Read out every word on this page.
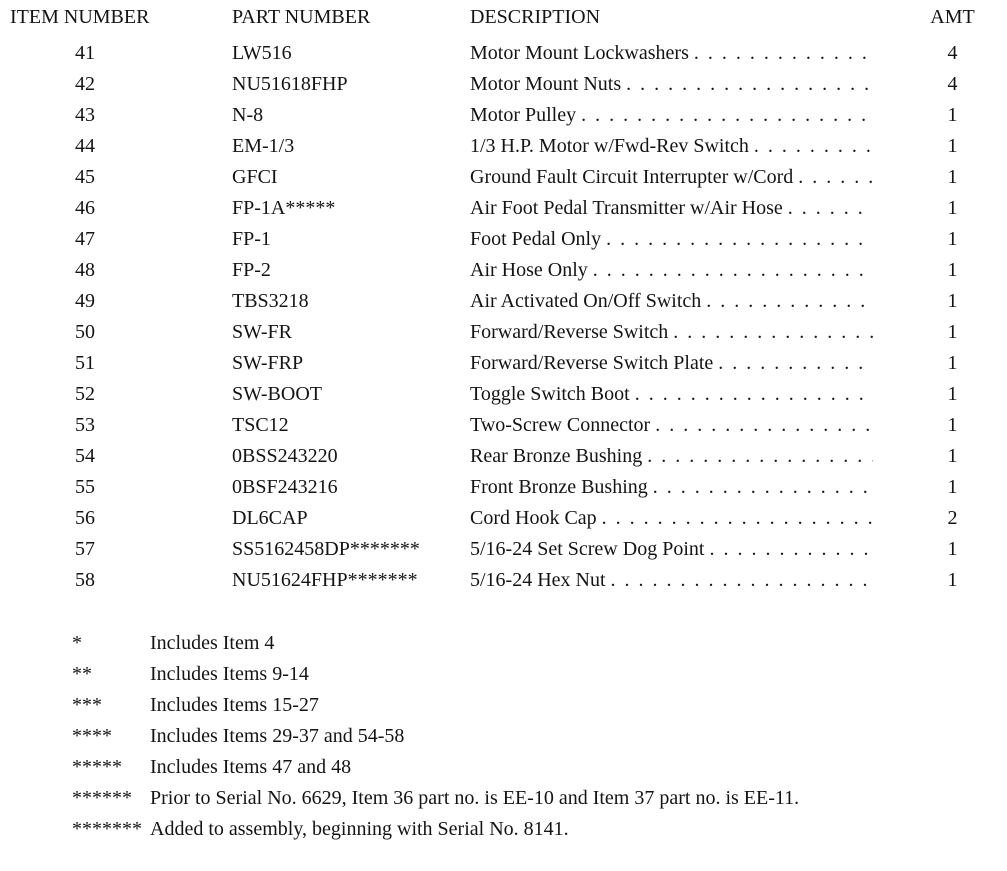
ITEM NUMBER	PART NUMBER	DESCRIPTION	AMT
41	LW516	Motor Mount Lockwashers .....	4
42	NU51618FHP	Motor Mount Nuts .....	4
43	N-8	Motor Pulley .....	1
44	EM-1/3	1/3 H.P. Motor w/Fwd-Rev Switch .....	1
45	GFCI	Ground Fault Circuit Interrupter w/Cord .....	1
46	FP-1A*****	Air Foot Pedal Transmitter w/Air Hose .....	1
47	FP-1	Foot Pedal Only .....	1
48	FP-2	Air Hose Only .....	1
49	TBS3218	Air Activated On/Off Switch .....	1
50	SW-FR	Forward/Reverse Switch .....	1
51	SW-FRP	Forward/Reverse Switch Plate .....	1
52	SW-BOOT	Toggle Switch Boot .....	1
53	TSC12	Two-Screw Connector .....	1
54	0BSS243220	Rear Bronze Bushing .....	1
55	0BSF243216	Front Bronze Bushing .....	1
56	DL6CAP	Cord Hook Cap .....	2
57	SS5162458DP*******	5/16-24 Set Screw Dog Point .....	1
58	NU51624FHP*******	5/16-24 Hex Nut .....	1
*	Includes Item 4
**	Includes Items 9-14
***	Includes Items 15-27
****	Includes Items 29-37 and 54-58
*****	Includes Items 47 and 48
****** Prior to Serial No. 6629, Item 36 part no. is EE-10 and Item 37 part no. is EE-11.
******* Added to assembly, beginning with Serial No. 8141.
